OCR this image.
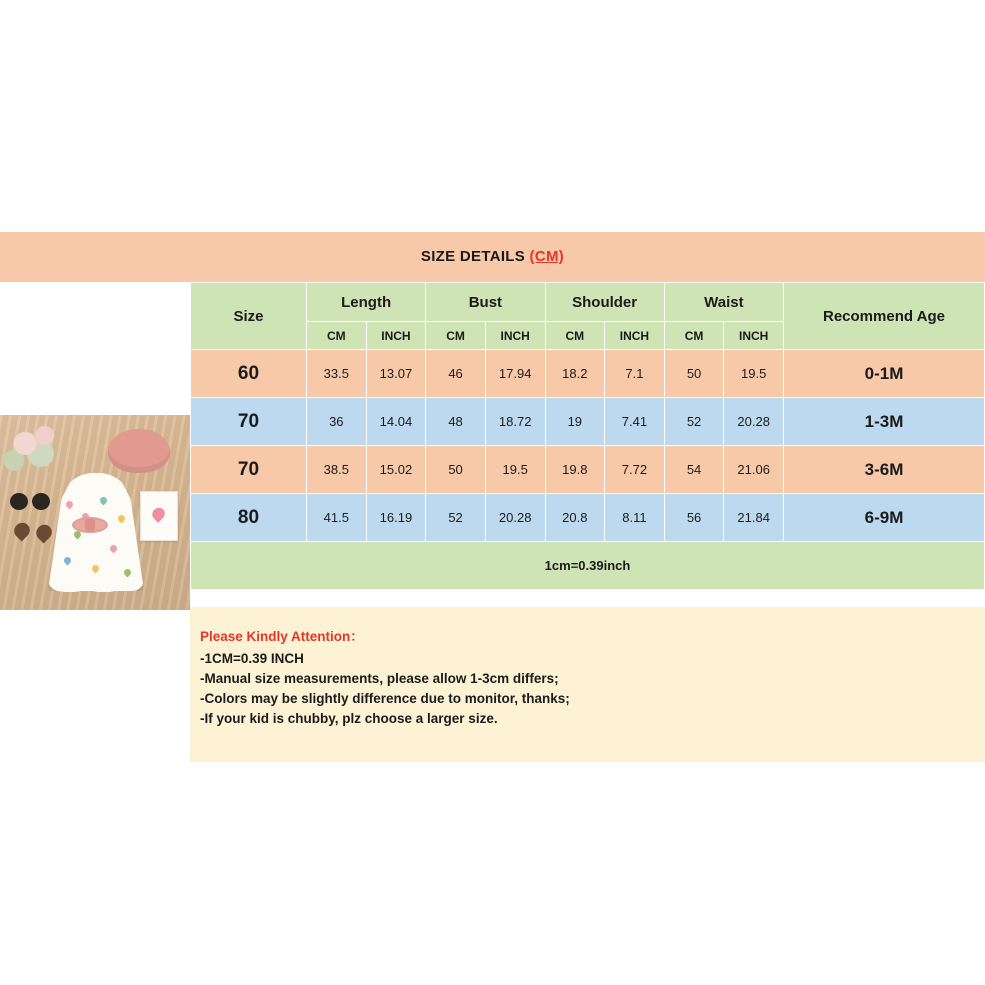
SIZE DETAILS (CM)
Size	Length		Bust		Shoulder		Waist		Recommend Age
	CM	INCH	CM	INCH	CM	INCH	CM	INCH	
60	33.5	13.07	46	17.94	18.2	7.1	50	19.5	0-1M
70	36	14.04	48	18.72	19	7.41	52	20.28	1-3M
70	38.5	15.02	50	19.5	19.8	7.72	54	21.06	3-6M
80	41.5	16.19	52	20.28	20.8	8.11	56	21.84	6-9M
1cm=0.39inch									
Please Kindly Attention：

-1CM=0.39 INCH

-Manual size measurements, please allow 1-3cm differs;

-Colors may be slightly difference due to monitor, thanks;

-If your kid is chubby, plz choose a larger size.
